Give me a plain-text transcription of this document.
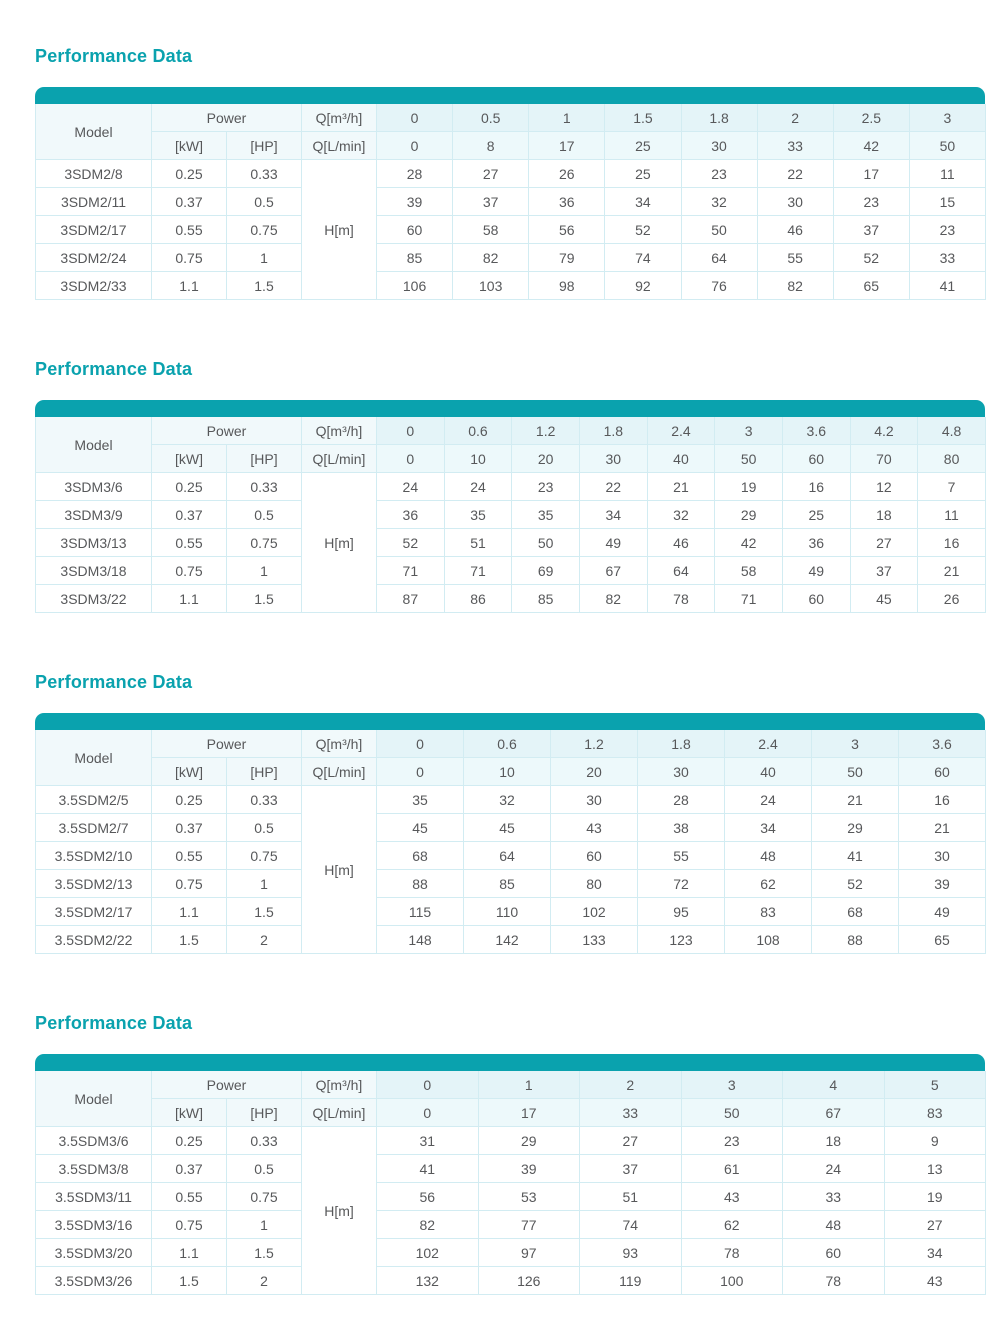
Performance Data
Model	Power		Q[m³/h]	0	0.5	1	1.5	1.8	2	2.5	3
	[kW]	[HP]	Q[L/min]	0	8	17	25	30	33	42	50
3SDM2/8	0.25	0.33	H[m]	28	27	26	25	23	22	17	11
3SDM2/11	0.37	0.5		39	37	36	34	32	30	23	15
3SDM2/17	0.55	0.75		60	58	56	52	50	46	37	23
3SDM2/24	0.75	1		85	82	79	74	64	55	52	33
3SDM2/33	1.1	1.5		106	103	98	92	76	82	65	41
Performance Data
Model	Power		Q[m³/h]	0	0.6	1.2	1.8	2.4	3	3.6	4.2	4.8
	[kW]	[HP]	Q[L/min]	0	10	20	30	40	50	60	70	80
3SDM3/6	0.25	0.33	H[m]	24	24	23	22	21	19	16	12	7
3SDM3/9	0.37	0.5		36	35	35	34	32	29	25	18	11
3SDM3/13	0.55	0.75		52	51	50	49	46	42	36	27	16
3SDM3/18	0.75	1		71	71	69	67	64	58	49	37	21
3SDM3/22	1.1	1.5		87	86	85	82	78	71	60	45	26
Performance Data
Model	Power		Q[m³/h]	0	0.6	1.2	1.8	2.4	3	3.6
	[kW]	[HP]	Q[L/min]	0	10	20	30	40	50	60
3.5SDM2/5	0.25	0.33	H[m]	35	32	30	28	24	21	16
3.5SDM2/7	0.37	0.5		45	45	43	38	34	29	21
3.5SDM2/10	0.55	0.75		68	64	60	55	48	41	30
3.5SDM2/13	0.75	1		88	85	80	72	62	52	39
3.5SDM2/17	1.1	1.5		115	110	102	95	83	68	49
3.5SDM2/22	1.5	2		148	142	133	123	108	88	65
Performance Data
Model	Power		Q[m³/h]	0	1	2	3	4	5
	[kW]	[HP]	Q[L/min]	0	17	33	50	67	83
3.5SDM3/6	0.25	0.33	H[m]	31	29	27	23	18	9
3.5SDM3/8	0.37	0.5		41	39	37	61	24	13
3.5SDM3/11	0.55	0.75		56	53	51	43	33	19
3.5SDM3/16	0.75	1		82	77	74	62	48	27
3.5SDM3/20	1.1	1.5		102	97	93	78	60	34
3.5SDM3/26	1.5	2		132	126	119	100	78	43
